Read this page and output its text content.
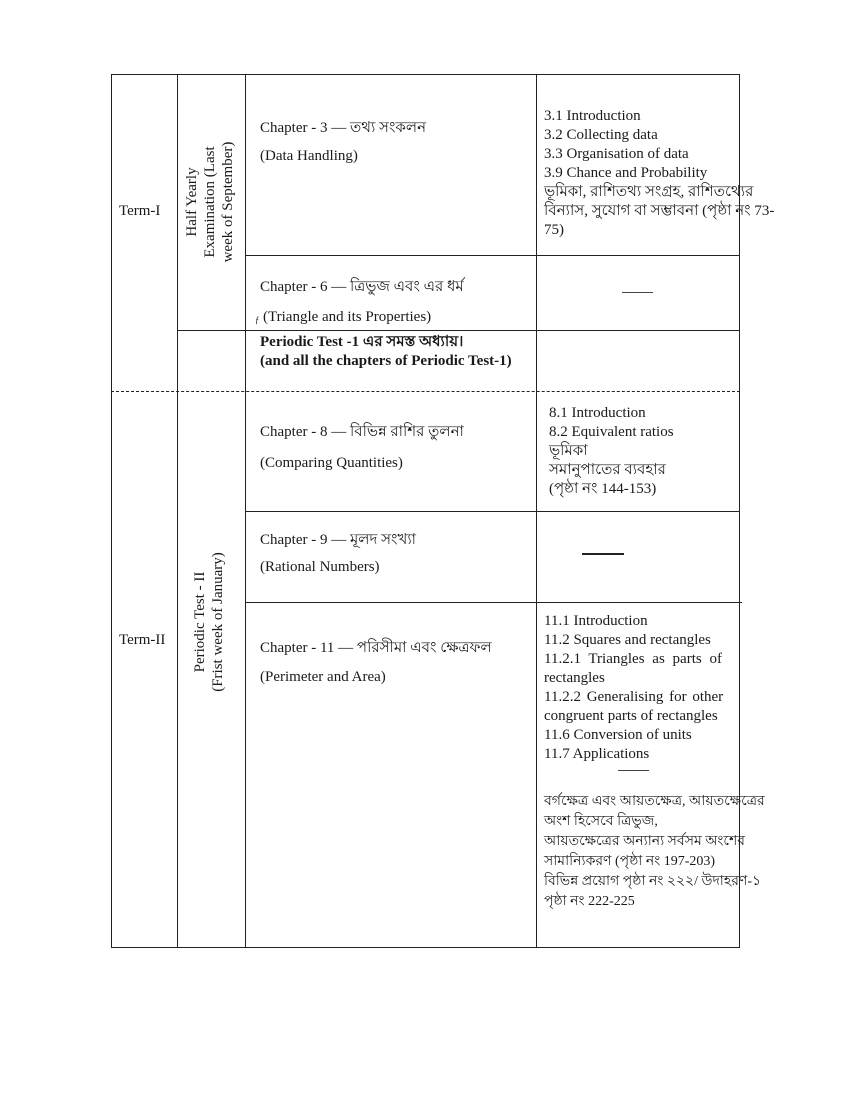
Term-I Half Yearly Examination (Last week of September)
Chapter - 3 — তথ্য সংকলন
(Data Handling)
3.1 Introduction
3.2 Collecting data
3.3 Organisation of data
3.9 Chance and Probability
ভূমিকা, রাশিতথ্য সংগ্রহ, রাশিতথ্যের
বিন্যাস, সুযোগ বা সম্ভাবনা (পৃষ্ঠা নং 73-
75)
Chapter - 6 — ত্রিভুজ এবং এর ধর্ম
ƒ (Triangle and its Properties)
Periodic Test -1 এর সমস্ত অধ্যায়।
(and all the chapters of Periodic Test-1)
Term-II Periodic Test - II (Frist week of January)
Chapter - 8 — বিভিন্ন রাশির তুলনা
(Comparing Quantities)
8.1 Introduction
8.2 Equivalent ratios
ভূমিকা
সমানুপাতের ব্যবহার
(পৃষ্ঠা নং 144-153)
Chapter - 9 — মূলদ সংখ্যা
(Rational Numbers)
Chapter - 11 — পরিসীমা এবং ক্ষেত্রফল
(Perimeter and Area)
11.1 Introduction
11.2 Squares and rectangles
11.2.1 Triangles as parts of
rectangles
11.2.2 Generalising for other
congruent parts of rectangles
11.6 Conversion of units
11.7 Applications
বর্গক্ষেত্র এবং আয়তক্ষেত্র, আয়তক্ষেত্রের
অংশ হিসেবে ত্রিভুজ,
আয়তক্ষেত্রের অন্যান্য সর্বসম অংশের
সামান্যিকরণ (পৃষ্ঠা নং 197-203)
বিভিন্ন প্রয়োগ পৃষ্ঠা নং ২২২/ উদাহরণ-১
পৃষ্ঠা নং 222-225
